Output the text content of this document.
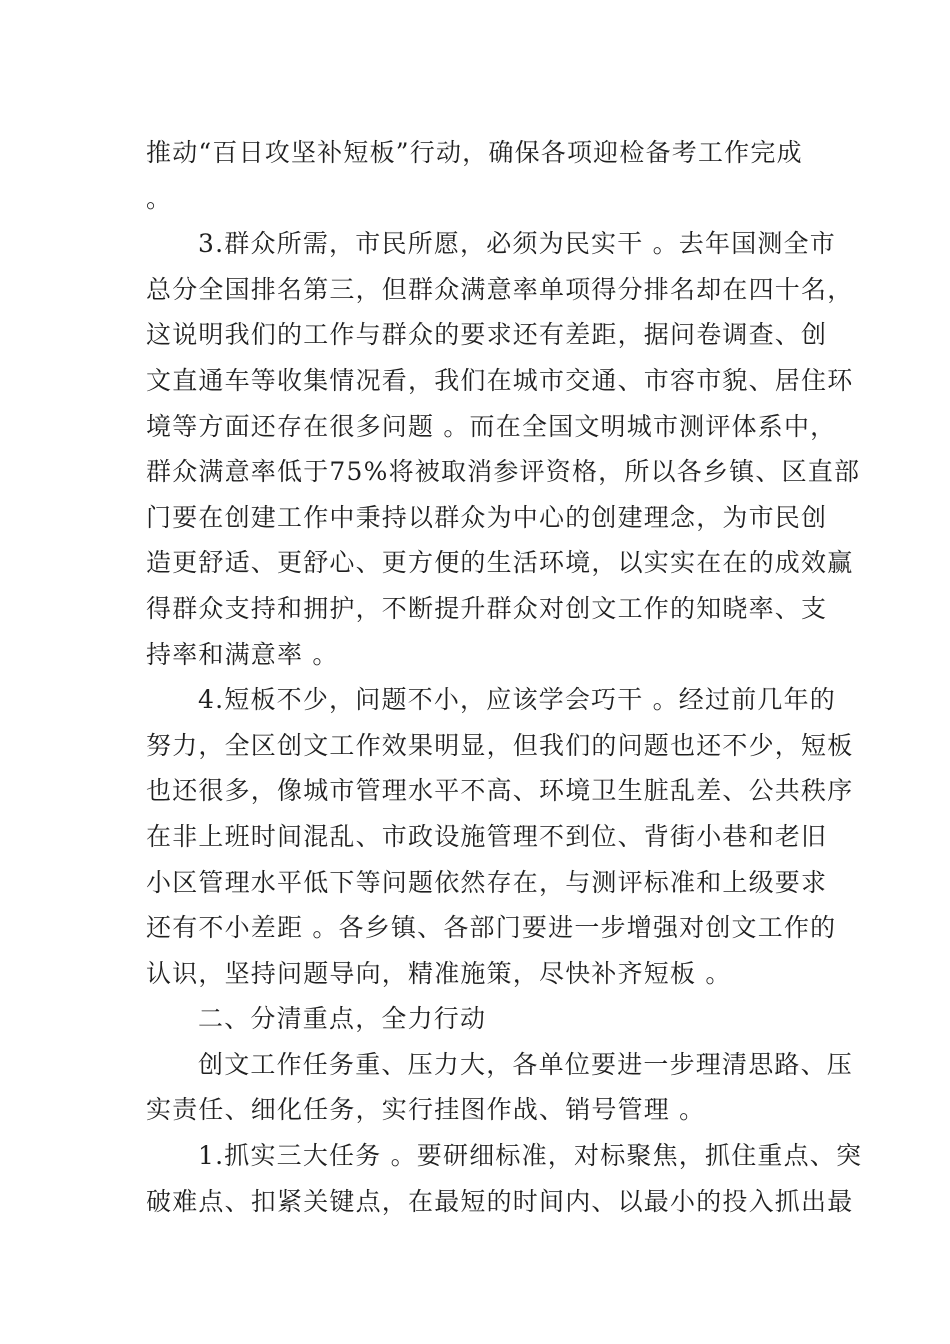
推动“百日攻坚补短板”行动，确保各项迎检备考工作完成
。
3.群众所需，市民所愿，必须为民实干 。去年国测全市
总分全国排名第三，但群众满意率单项得分排名却在四十名，
这说明我们的工作与群众的要求还有差距，据问卷调查、创
文直通车等收集情况看，我们在城市交通、市容市貌、居住环
境等方面还存在很多问题 。而在全国文明城市测评体系中，
群众满意率低于75%将被取消参评资格，所以各乡镇、区直部
门要在创建工作中秉持以群众为中心的创建理念，为市民创
造更舒适、更舒心、更方便的生活环境，以实实在在的成效赢
得群众支持和拥护，不断提升群众对创文工作的知晓率、支
持率和满意率 。
4.短板不少，问题不小，应该学会巧干 。经过前几年的
努力，全区创文工作效果明显，但我们的问题也还不少，短板
也还很多，像城市管理水平不高、环境卫生脏乱差、公共秩序
在非上班时间混乱、市政设施管理不到位、背街小巷和老旧
小区管理水平低下等问题依然存在，与测评标准和上级要求
还有不小差距 。各乡镇、各部门要进一步增强对创文工作的
认识，坚持问题导向，精准施策，尽快补齐短板 。
二、分清重点，全力行动
创文工作任务重、压力大，各单位要进一步理清思路、压
实责任、细化任务，实行挂图作战、销号管理 。
1.抓实三大任务 。要研细标准，对标聚焦，抓住重点、突
破难点、扣紧关键点，在最短的时间内、以最小的投入抓出最
